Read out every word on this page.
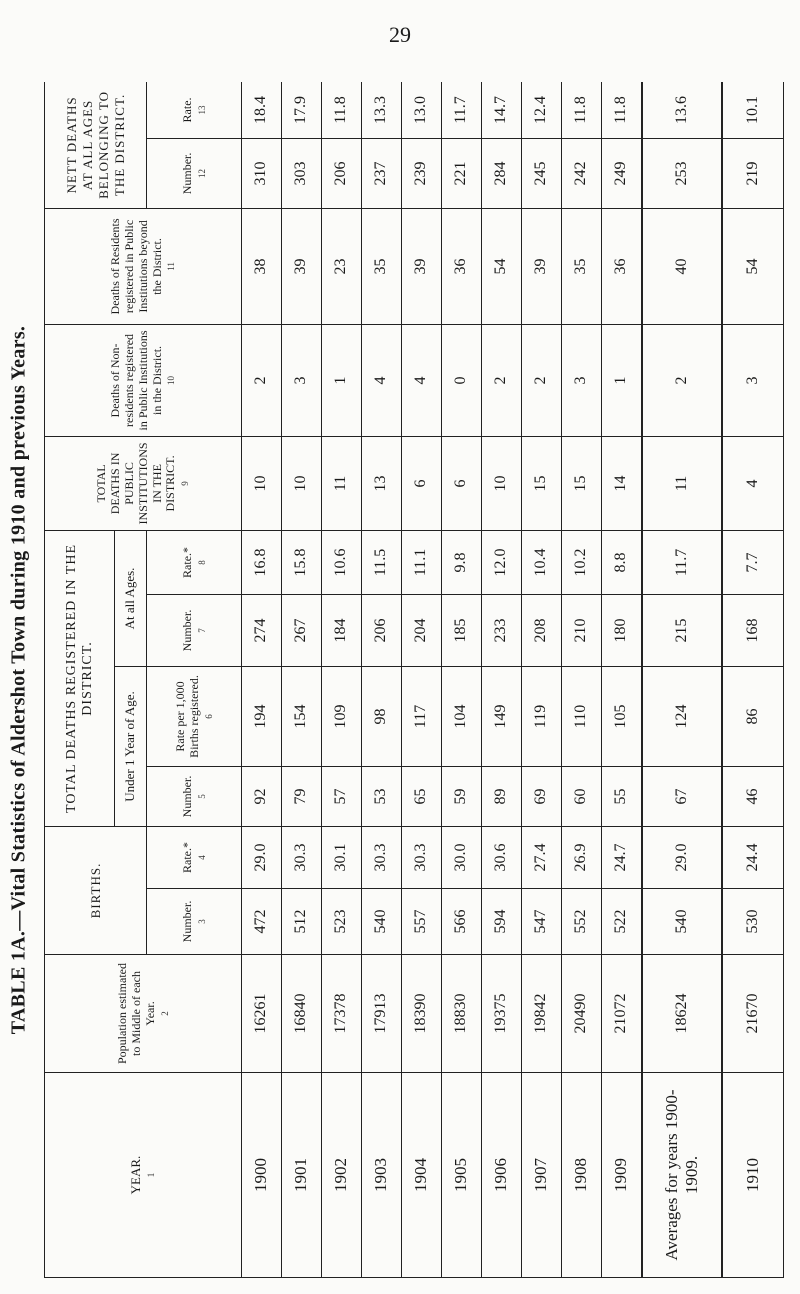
29
TABLE 1A.—Vital Statistics of Aldershot Town during 1910 and previous Years.
YEAR. 1	Population estimated to Middle of each Year. 2	BIRTHS.		TOTAL DEATHS REGISTERED IN THE DISTRICT.				TOTAL DEATHS IN PUBLIC INSTITUTIONS IN THE DISTRICT. 9	Deaths of Non-residents registered in Public Institutions in the District. 10	Deaths of Residents registered in Public Institutions beyond the District. 11	NETT DEATHS AT ALL AGES BELONGING TO THE DISTRICT.	
				Under 1 Year of Age.		At all Ages.						
		Number. 3	Rate.* 4	Number. 5	Rate per 1,000 Births registered. 6	Number. 7	Rate.* 8				Number. 12	Rate. 13

1900	16261	472	29.0	92	194	274	16.8	10	2	38	310	18.4
1901	16840	512	30.3	79	154	267	15.8	10	3	39	303	17.9
1902	17378	523	30.1	57	109	184	10.6	11	1	23	206	11.8
1903	17913	540	30.3	53	98	206	11.5	13	4	35	237	13.3
1904	18390	557	30.3	65	117	204	11.1	6	4	39	239	13.0
1905	18830	566	30.0	59	104	185	9.8	6	0	36	221	11.7
1906	19375	594	30.6	89	149	233	12.0	10	2	54	284	14.7
1907	19842	547	27.4	69	119	208	10.4	15	2	39	245	12.4
1908	20490	552	26.9	60	110	210	10.2	15	3	35	242	11.8
1909	21072	522	24.7	55	105	180	8.8	14	1	36	249	11.8
Averages for years 1900-1909.	18624	540	29.0	67	124	215	11.7	11	2	40	253	13.6
1910	21670	530	24.4	46	86	168	7.7	4	3	54	219	10.1
